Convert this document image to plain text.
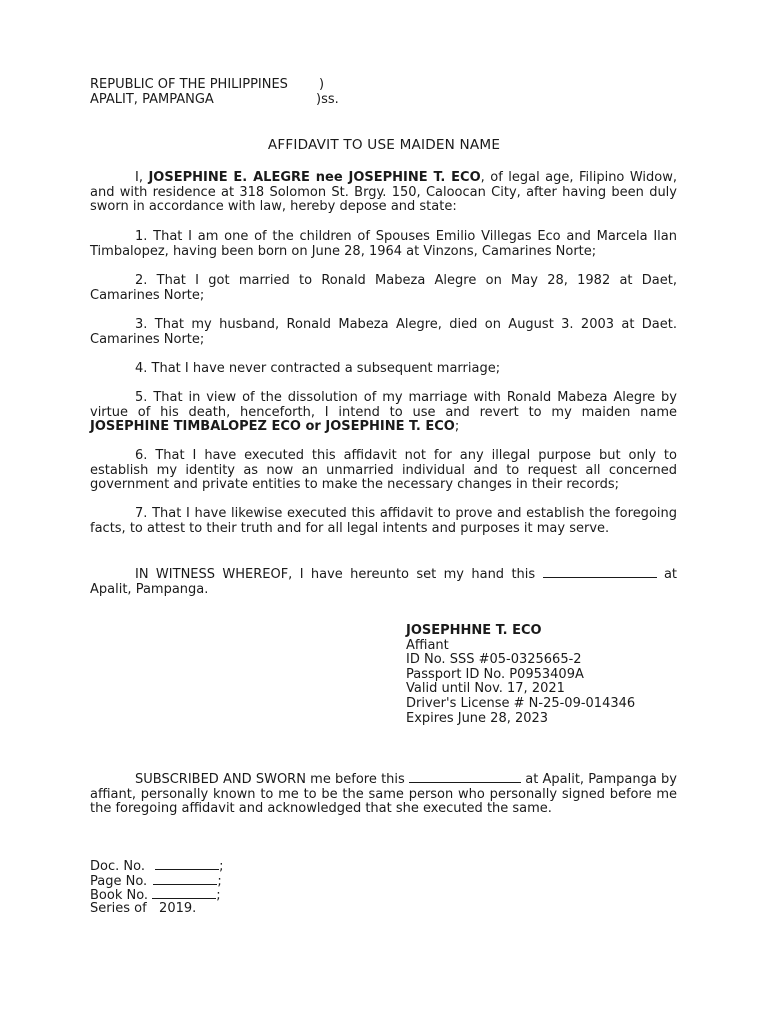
REPUBLIC OF THE PHILIPPINES )
APALIT, PAMPANGA	)ss.
AFFIDAVIT TO USE MAIDEN NAME

I, JOSEPHINE E. ALEGRE nee JOSEPHINE T. ECO, of legal age, Filipino Widow, and with residence at 318 Solomon St. Brgy. 150, Caloocan City, after having been duly sworn in accordance with law, hereby depose and state:

1. That I am one of the children of Spouses Emilio Villegas Eco and Marcela Ilan Timbalopez, having been born on June 28, 1964 at Vinzons, Camarines Norte;

2. That I got married to Ronald Mabeza Alegre on May 28, 1982 at Daet, Camarines Norte;

3. That my husband, Ronald Mabeza Alegre, died on August 3. 2003 at Daet. Camarines Norte;

4. That I have never contracted a subsequent marriage;

5. That in view of the dissolution of my marriage with Ronald Mabeza Alegre by virtue of his death, henceforth, I intend to use and revert to my maiden name JOSEPHINE TIMBALOPEZ ECO or JOSEPHINE T. ECO;

6. That I have executed this affidavit not for any illegal purpose but only to establish my identity as now an unmarried individual and to request all concerned government and private entities to make the necessary changes in their records;

7. That I have likewise executed this affidavit to prove and establish the foregoing facts, to attest to their truth and for all legal intents and purposes it may serve.

IN WITNESS WHEREOF, I have hereunto set my hand this	at Apalit, Pampanga.

JOSEPHHNE T. ECO
Affiant
ID No. SSS #05-0325665-2
Passport ID No. P0953409A
Valid until Nov. 17, 2021
Driver's License # N-25-09-014346
Expires June 28, 2023

SUBSCRIBED AND SWORN me before this	at Apalit, Pampanga by affiant, personally known to me to be the same person who personally signed before me the foregoing affidavit and acknowledged that she executed the same.

Doc. No.	;
Page No.	;
Book No.	;
Series of 2019.
